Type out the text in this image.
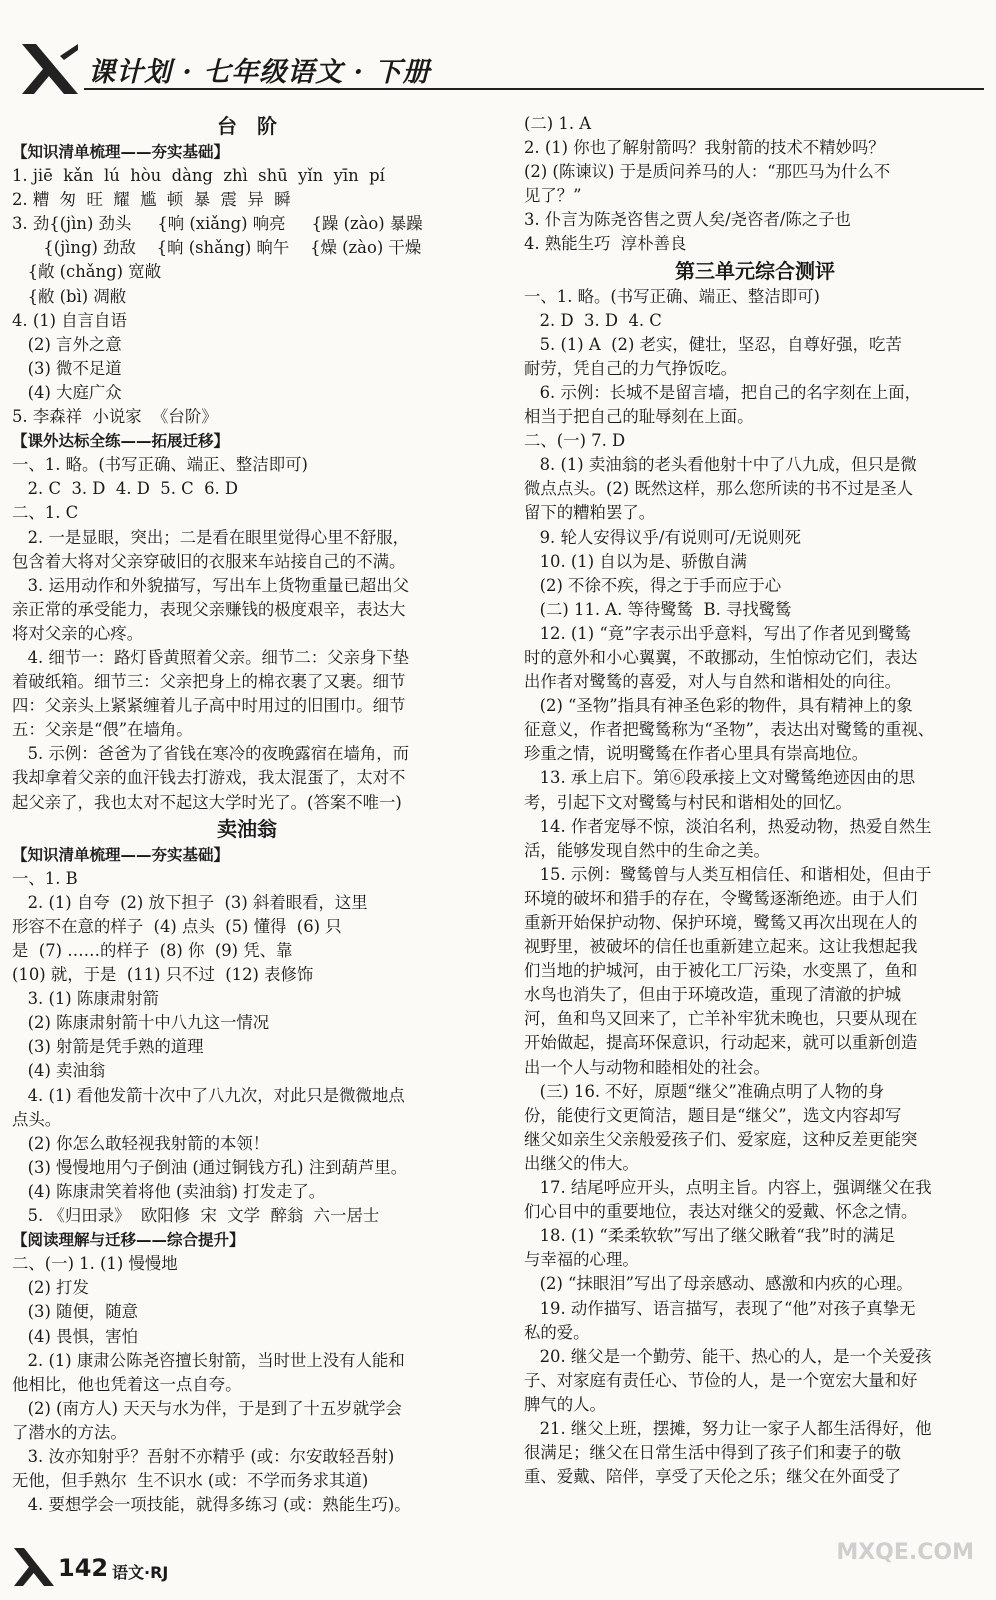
课计划 · 七年级语文 · 下册
台　阶
【知识清单梳理——夯实基础】
1. jiē  kǎn  lú  hòu  dàng  zhì  shū  yǐn  yīn  pí
2. 糟  匆  旺  耀  尴  顿  暴  震  异  瞬
3. 劲{(jìn) 劲头     {响 (xiǎng) 响亮     {躁 (zào) 暴躁
{(jìng) 劲敌    {晌 (shǎng) 晌午    {燥 (zào) 干燥
{敞 (chǎng) 宽敞
{敝 (bì) 凋敝
4. (1) 自言自语
(2) 言外之意
(3) 微不足道
(4) 大庭广众
5. 李森祥  小说家  《台阶》
【课外达标全练——拓展迁移】
一、1. 略。(书写正确、端正、整洁即可)
2. C  3. D  4. D  5. C  6. D
二、1. C
2. 一是显眼，突出；二是看在眼里觉得心里不舒服，
包含着大将对父亲穿破旧的衣服来车站接自己的不满。
3. 运用动作和外貌描写，写出车上货物重量已超出父
亲正常的承受能力，表现父亲赚钱的极度艰辛，表达大
将对父亲的心疼。
4. 细节一：路灯昏黄照着父亲。细节二：父亲身下垫
着破纸箱。细节三：父亲把身上的棉衣裹了又裹。细节
四：父亲头上紧紧缠着儿子高中时用过的旧围巾。细节
五：父亲是“偎”在墙角。
5. 示例：爸爸为了省钱在寒冷的夜晚露宿在墙角，而
我却拿着父亲的血汗钱去打游戏，我太混蛋了，太对不
起父亲了，我也太对不起这大学时光了。(答案不唯一)
卖油翁
【知识清单梳理——夯实基础】
一、1. B
2. (1) 自夸  (2) 放下担子  (3) 斜着眼看，这里
形容不在意的样子  (4) 点头  (5) 懂得  (6) 只
是  (7) ……的样子  (8) 你  (9) 凭、靠
(10) 就，于是  (11) 只不过  (12) 表修饰
3. (1) 陈康肃射箭
(2) 陈康肃射箭十中八九这一情况
(3) 射箭是凭手熟的道理
(4) 卖油翁
4. (1) 看他发箭十次中了八九次，对此只是微微地点
点头。
(2) 你怎么敢轻视我射箭的本领！
(3) 慢慢地用勺子倒油 (通过铜钱方孔) 注到葫芦里。
(4) 陈康肃笑着将他 (卖油翁) 打发走了。
5. 《归田录》  欧阳修  宋  文学  醉翁  六一居士
【阅读理解与迁移——综合提升】
二、(一) 1. (1) 慢慢地
(2) 打发
(3) 随便，随意
(4) 畏惧，害怕
2. (1) 康肃公陈尧咨擅长射箭，当时世上没有人能和
他相比，他也凭着这一点自夸。
(2) (南方人) 天天与水为伴，于是到了十五岁就学会
了潜水的方法。
3. 汝亦知射乎？吾射不亦精乎 (或：尔安敢轻吾射)
无他，但手熟尔  生不识水 (或：不学而务求其道)
4. 要想学会一项技能，就得多练习 (或：熟能生巧)。
(二) 1. A
2. (1) 你也了解射箭吗？我射箭的技术不精妙吗？
(2) (陈谏议) 于是质问养马的人：“那匹马为什么不
见了？”
3. 仆言为陈尧咨售之贾人矣/尧咨者/陈之子也
4. 熟能生巧  淳朴善良
第三单元综合测评
一、1. 略。(书写正确、端正、整洁即可)
2. D  3. D  4. C
5. (1) A  (2) 老实，健壮，坚忍，自尊好强，吃苦
耐劳，凭自己的力气挣饭吃。
6. 示例：长城不是留言墙，把自己的名字刻在上面，
相当于把自己的耻辱刻在上面。
二、(一) 7. D
8. (1) 卖油翁的老头看他射十中了八九成，但只是微
微点点头。(2) 既然这样，那么您所读的书不过是圣人
留下的糟粕罢了。
9. 轮人安得议乎/有说则可/无说则死
10. (1) 自以为是、骄傲自满
(2) 不徐不疾，得之于手而应于心
(二) 11. A. 等待鹭鸶  B. 寻找鹭鸶
12. (1) “竟”字表示出乎意料，写出了作者见到鹭鸶
时的意外和小心翼翼，不敢挪动，生怕惊动它们，表达
出作者对鹭鸶的喜爱，对人与自然和谐相处的向往。
(2) “圣物”指具有神圣色彩的物件，具有精神上的象
征意义，作者把鹭鸶称为“圣物”，表达出对鹭鸶的重视、
珍重之情，说明鹭鸶在作者心里具有崇高地位。
13. 承上启下。第⑥段承接上文对鹭鸶绝迹因由的思
考，引起下文对鹭鸶与村民和谐相处的回忆。
14. 作者宠辱不惊，淡泊名利，热爱动物，热爱自然生
活，能够发现自然中的生命之美。
15. 示例：鹭鸶曾与人类互相信任、和谐相处，但由于
环境的破坏和猎手的存在，令鹭鸶逐渐绝迹。由于人们
重新开始保护动物、保护环境，鹭鸶又再次出现在人的
视野里，被破坏的信任也重新建立起来。这让我想起我
们当地的护城河，由于被化工厂污染，水变黑了，鱼和
水鸟也消失了，但由于环境改造，重现了清澈的护城
河，鱼和鸟又回来了，亡羊补牢犹未晚也，只要从现在
开始做起，提高环保意识，行动起来，就可以重新创造
出一个人与动物和睦相处的社会。
(三) 16. 不好，原题“继父”准确点明了人物的身
份，能使行文更简洁，题目是“继父”，选文内容却写
继父如亲生父亲般爱孩子们、爱家庭，这种反差更能突
出继父的伟大。
17. 结尾呼应开头，点明主旨。内容上，强调继父在我
们心目中的重要地位，表达对继父的爱戴、怀念之情。
18. (1) “柔柔软软”写出了继父瞅着“我”时的满足
与幸福的心理。
(2) “抹眼泪”写出了母亲感动、感激和内疚的心理。
19. 动作描写、语言描写，表现了“他”对孩子真挚无
私的爱。
20. 继父是一个勤劳、能干、热心的人，是一个关爱孩
子、对家庭有责任心、节俭的人，是一个宽宏大量和好
脾气的人。
21. 继父上班，摆摊，努力让一家子人都生活得好，他
很满足；继父在日常生活中得到了孩子们和妻子的敬
重、爱戴、陪伴，享受了天伦之乐；继父在外面受了
142 语文·RJ
MXQE.COM
